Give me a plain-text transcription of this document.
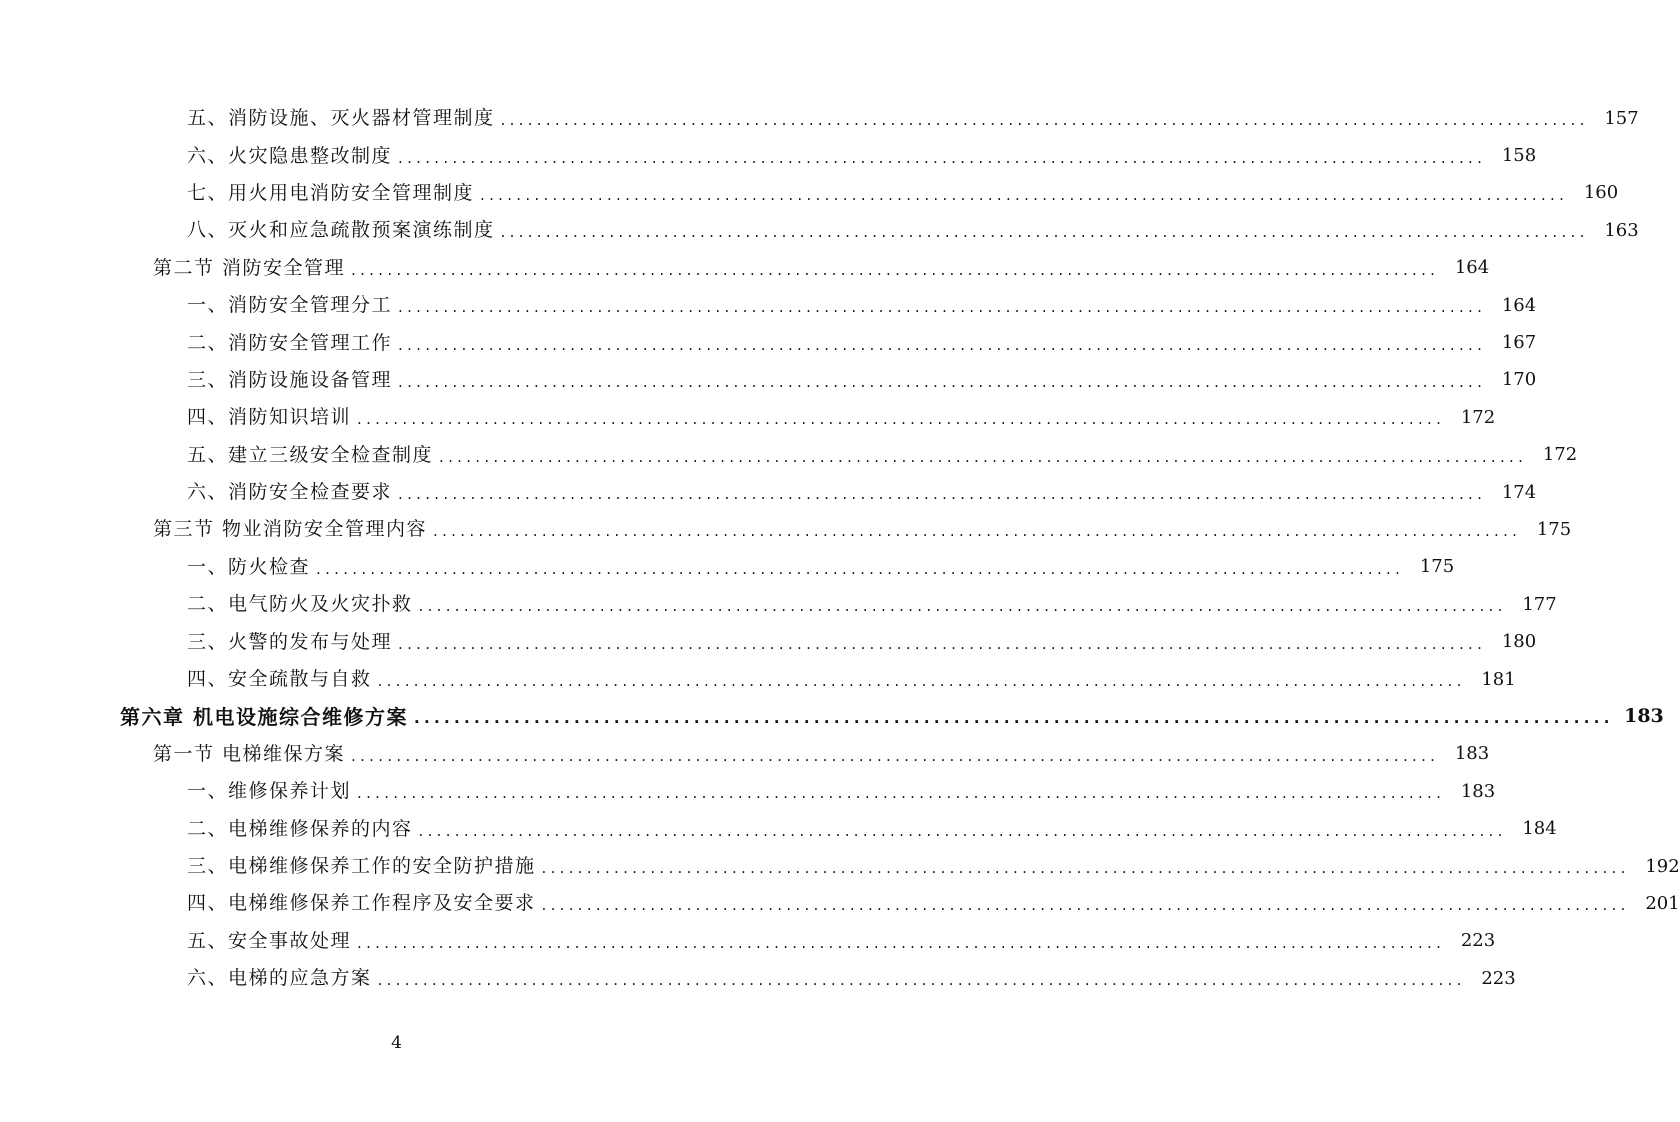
五、消防设施、灭火器材管理制度 ........................................................................................................................ 157
六、火灾隐患整改制度 ........................................................................................................................ 158
七、用火用电消防安全管理制度 ........................................................................................................................ 160
八、灭火和应急疏散预案演练制度 ........................................................................................................................ 163
第二节 消防安全管理 ........................................................................................................................ 164
一、消防安全管理分工 ........................................................................................................................ 164
二、消防安全管理工作 ........................................................................................................................ 167
三、消防设施设备管理 ........................................................................................................................ 170
四、消防知识培训 ........................................................................................................................ 172
五、建立三级安全检查制度 ........................................................................................................................ 172
六、消防安全检查要求 ........................................................................................................................ 174
第三节 物业消防安全管理内容 ........................................................................................................................ 175
一、防火检查 ........................................................................................................................ 175
二、电气防火及火灾扑救 ........................................................................................................................ 177
三、火警的发布与处理 ........................................................................................................................ 180
四、安全疏散与自救 ........................................................................................................................ 181
第六章 机电设施综合维修方案 ........................................................................................................................ 183
第一节 电梯维保方案 ........................................................................................................................ 183
一、维修保养计划 ........................................................................................................................ 183
二、电梯维修保养的内容 ........................................................................................................................ 184
三、电梯维修保养工作的安全防护措施 ........................................................................................................................ 192
四、电梯维修保养工作程序及安全要求 ........................................................................................................................ 201
五、安全事故处理 ........................................................................................................................ 223
六、电梯的应急方案 ........................................................................................................................ 223
4
